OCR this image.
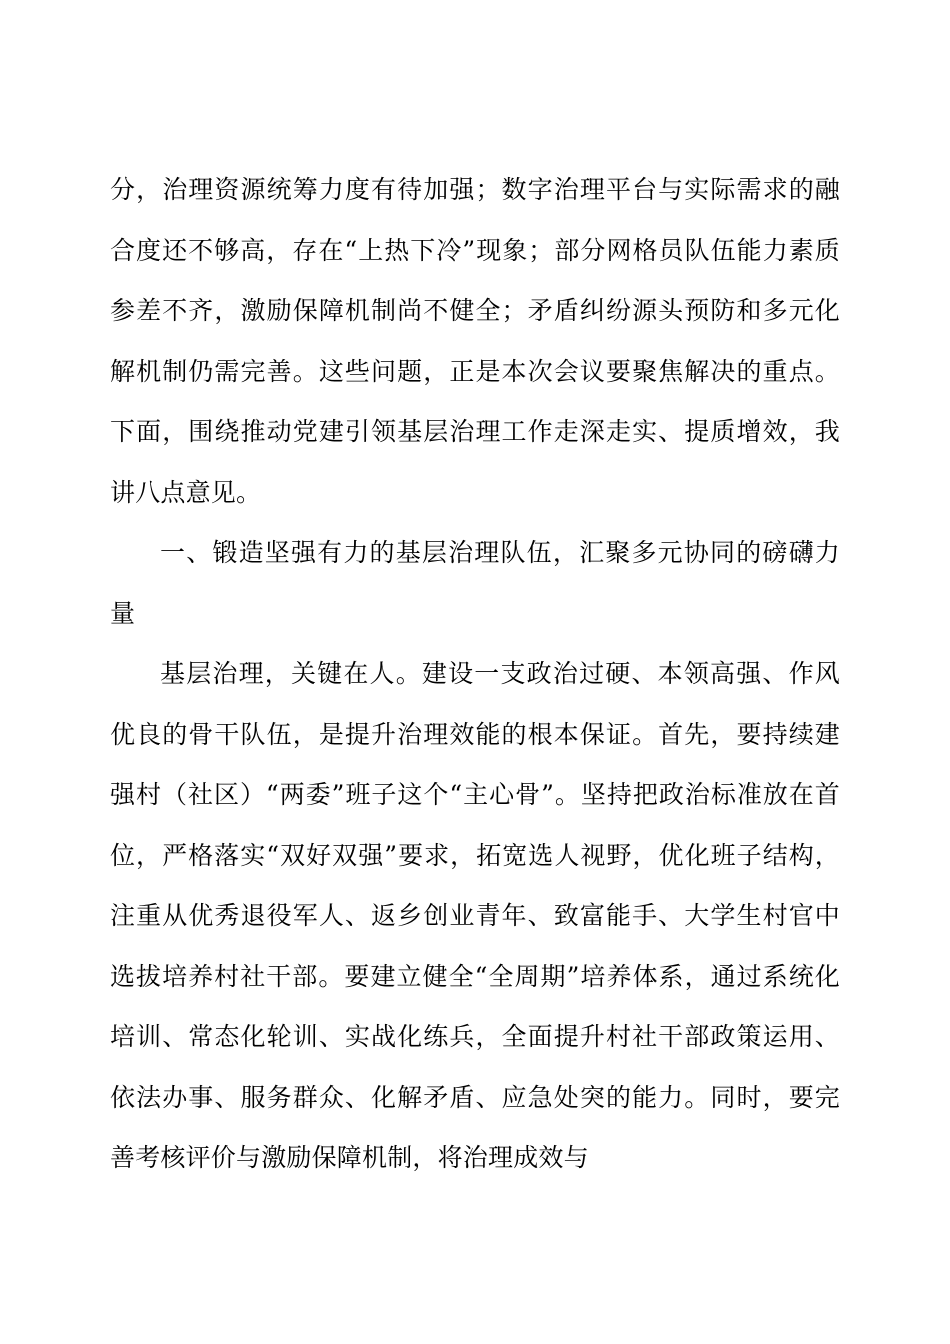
分，治理资源统筹力度有待加强；数字治理平台与实际需求的融合度还不够高，存在“上热下冷”现象；部分网格员队伍能力素质参差不齐，激励保障机制尚不健全；矛盾纠纷源头预防和多元化解机制仍需完善。这些问题，正是本次会议要聚焦解决的重点。下面，围绕推动党建引领基层治理工作走深走实、提质增效，我讲八点意见。

一、锻造坚强有力的基层治理队伍，汇聚多元协同的磅礴力量

基层治理，关键在人。建设一支政治过硬、本领高强、作风优良的骨干队伍，是提升治理效能的根本保证。首先，要持续建强村（社区）“两委”班子这个“主心骨”。坚持把政治标准放在首位，严格落实“双好双强”要求，拓宽选人视野，优化班子结构，注重从优秀退役军人、返乡创业青年、致富能手、大学生村官中选拔培养村社干部。要建立健全“全周期”培养体系，通过系统化培训、常态化轮训、实战化练兵，全面提升村社干部政策运用、依法办事、服务群众、化解矛盾、应急处突的能力。同时，要完善考核评价与激励保障机制，将治理成效与
